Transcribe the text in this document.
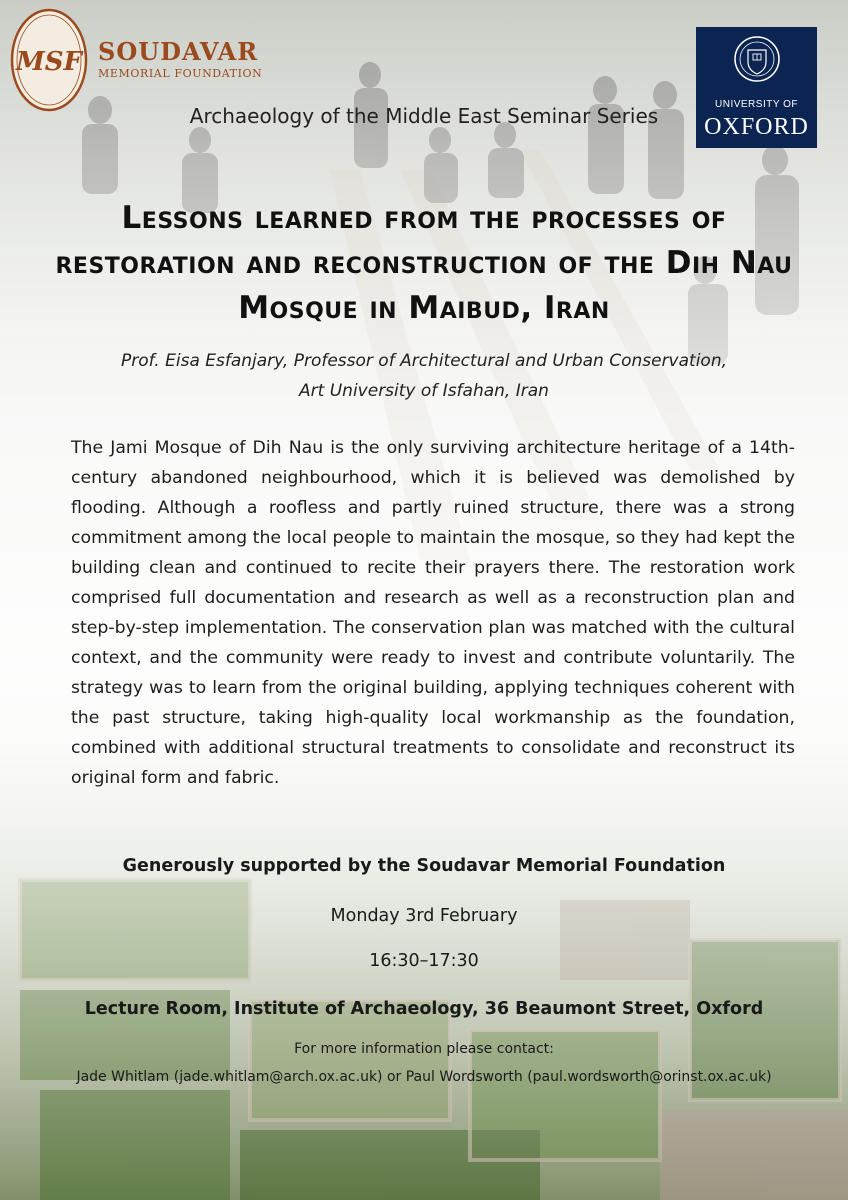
MSF SOUDAVAR
MEMORIAL FOUNDATION
UNIVERSITY OF
OXFORD
Archaeology of the Middle East Seminar Series
Lessons learned from the processes of restoration and reconstruction of the Dih Nau Mosque in Maibud, Iran
Prof. Eisa Esfanjary, Professor of Architectural and Urban Conservation,
Art University of Isfahan, Iran

The Jami Mosque of Dih Nau is the only surviving architecture heritage of a 14th-century abandoned neighbourhood, which it is believed was demolished by flooding. Although a roofless and partly ruined structure, there was a strong commitment among the local people to maintain the mosque, so they had kept the building clean and continued to recite their prayers there. The restoration work comprised full documentation and research as well as a reconstruction plan and step-by-step implementation. The conservation plan was matched with the cultural context, and the community were ready to invest and contribute voluntarily. The strategy was to learn from the original building, applying techniques coherent with the past structure, taking high-quality local workmanship as the foundation, combined with additional structural treatments to consolidate and reconstruct its original form and fabric.

Generously supported by the Soudavar Memorial Foundation
Monday 3rd February
16:30–17:30
Lecture Room, Institute of Archaeology, 36 Beaumont Street, Oxford
For more information please contact:
Jade Whitlam (jade.whitlam@arch.ox.ac.uk) or Paul Wordsworth (paul.wordsworth@orinst.ox.ac.uk)
